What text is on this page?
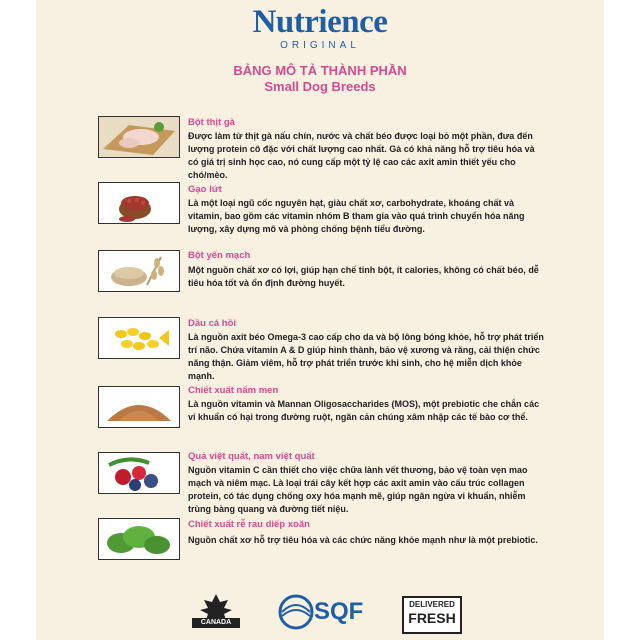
Nutrience
ORIGINAL
BẢNG MÔ TẢ THÀNH PHẦN
Small Dog Breeds
Bột thịt gà
Được làm từ thịt gà nấu chín, nước và chất béo được loại bỏ một phần, đưa đến lượng protein cô đặc với chất lượng cao nhất. Gà có khả năng hỗ trợ tiêu hóa và có giá trị sinh học cao, nó cung cấp một tỷ lệ cao các axit amin thiết yếu cho chó/mèo.
Gạo lứt
Là một loại ngũ cốc nguyên hạt, giàu chất xơ, carbohydrate, khoáng chất và vitamin, bao gồm các vitamin nhóm B tham gia vào quá trình chuyển hóa năng lượng, xây dựng mô và phòng chống bệnh tiểu đường.
Bột yến mạch
Một nguồn chất xơ có lợi, giúp hạn chế tinh bột, ít calories, không có chất béo, dễ tiêu hóa tốt và ổn định đường huyết.
Dầu cá hồi
Là nguồn axit béo Omega-3 cao cấp cho da và bộ lông bóng khỏe, hỗ trợ phát triển trí não. Chứa vitamin A & D giúp hình thành, bảo vệ xương và răng, cải thiện chức năng thận. Giảm viêm, hỗ trợ phát triển trước khi sinh, cho hệ miễn dịch khỏe mạnh.
Chiết xuất nấm men
Là nguồn vitamin và Mannan Oligosaccharides (MOS), một prebiotic che chắn các vi khuẩn có hại trong đường ruột, ngăn cản chúng xâm nhập các tế bào cơ thể.
Quả việt quất, nam việt quất
Nguồn vitamin C cần thiết cho việc chữa lành vết thương, bảo vệ toàn vẹn mao mạch và niêm mạc. Là loại trái cây kết hợp các axit amin vào cấu trúc collagen protein, có tác dụng chống oxy hóa mạnh mẽ, giúp ngăn ngừa vi khuẩn, nhiễm trùng bàng quang và đường tiết niệu.
Chiết xuất rễ rau diếp xoăn
Nguồn chất xơ hỗ trợ tiêu hóa và các chức năng khỏe mạnh như là một prebiotic.
CANADA	SQF	DELIVERED
FRESH
